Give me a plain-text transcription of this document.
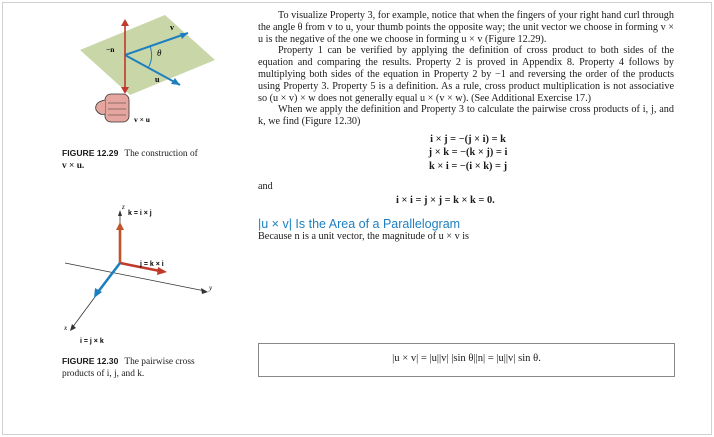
v
θ
u
−n
v × u
FIGURE 12.29 The construction of
v × u.
z
y
x
k = i × j
j = k × i
i = j × k
FIGURE 12.30 The pairwise cross
products of i, j, and k.

To visualize Property 3, for example, notice that when the fingers of your right hand curl through the angle θ from v to u, your thumb points the opposite way; the unit vector we choose in forming v × u is the negative of the one we choose in forming u × v (Figure 12.29).

Property 1 can be verified by applying the definition of cross product to both sides of the equation and comparing the results. Property 2 is proved in Appendix 8. Property 4 follows by multiplying both sides of the equation in Property 2 by −1 and reversing the order of the products using Property 3. Property 5 is a definition. As a rule, cross product multiplication is not associative so (u × v) × w does not generally equal u × (v × w). (See Additional Exercise 17.)

When we apply the definition and Property 3 to calculate the pairwise cross products of i, j, and k, we find (Figure 12.30)

i × j = −(j × i) = k
j × k = −(k × j) = i
k × i = −(i × k) = j
and
i × i = j × j = k × k = 0.
|u × v| Is the Area of a Parallelogram

Because n is a unit vector, the magnitude of u × v is

|u × v| = |u||v| |sin θ||n| = |u||v| sin θ.
